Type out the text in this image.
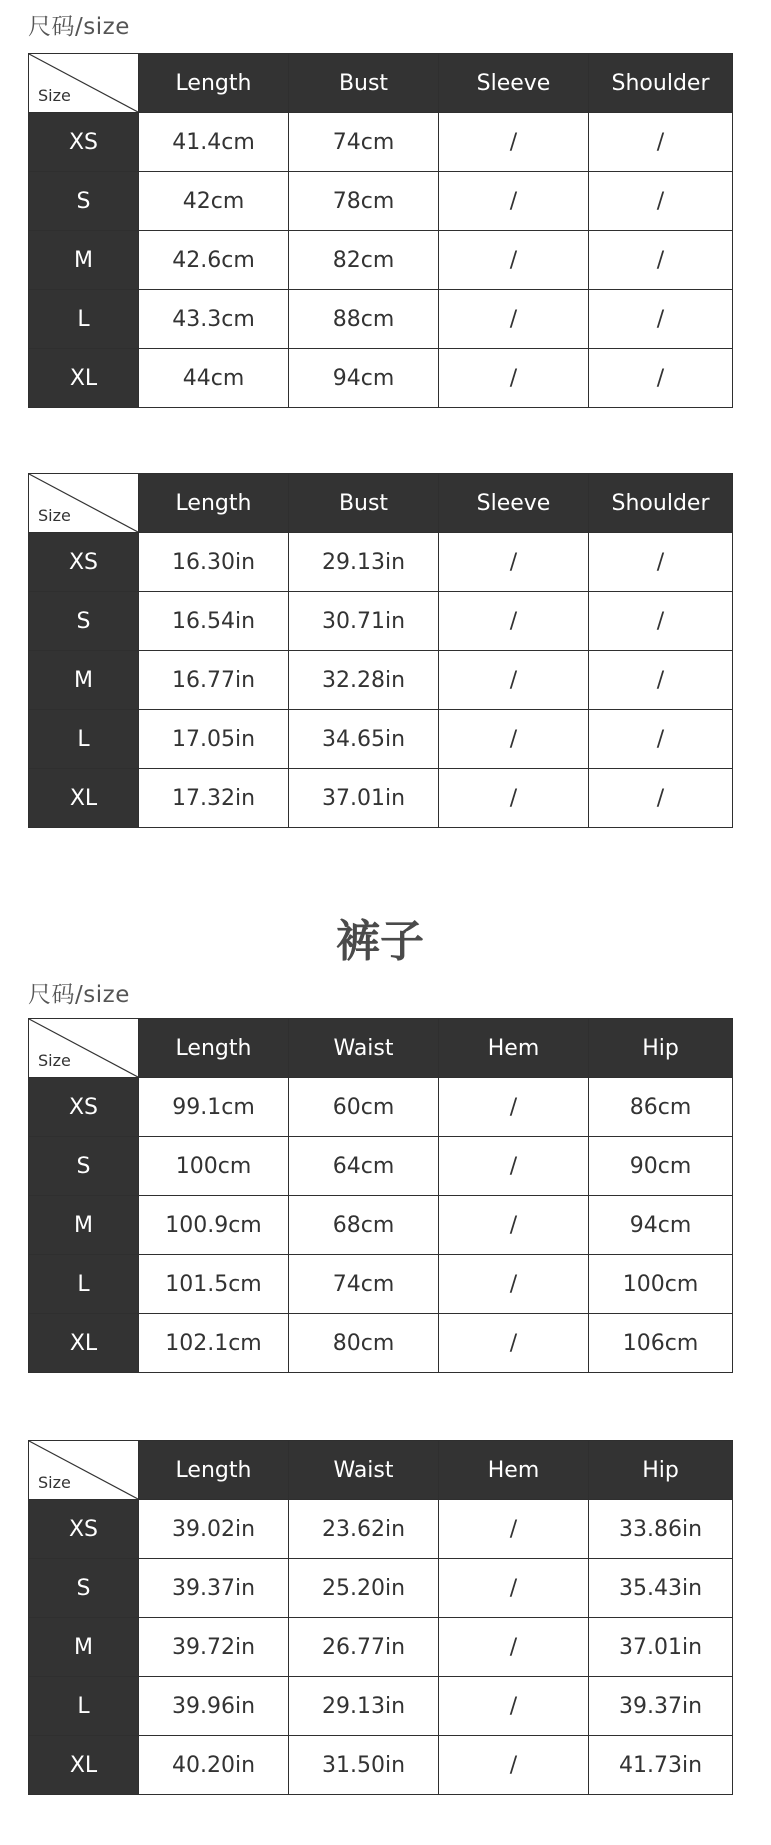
尺码/size
Size	Length	Bust	Sleeve	Shoulder
XS	41.4cm	74cm	/	/
S	42cm	78cm	/	/
M	42.6cm	82cm	/	/
L	43.3cm	88cm	/	/
XL	44cm	94cm	/	/
Size	Length	Bust	Sleeve	Shoulder
XS	16.30in	29.13in	/	/
S	16.54in	30.71in	/	/
M	16.77in	32.28in	/	/
L	17.05in	34.65in	/	/
XL	17.32in	37.01in	/	/
裤子
尺码/size
Size	Length	Waist	Hem	Hip
XS	99.1cm	60cm	/	86cm
S	100cm	64cm	/	90cm
M	100.9cm	68cm	/	94cm
L	101.5cm	74cm	/	100cm
XL	102.1cm	80cm	/	106cm
Size	Length	Waist	Hem	Hip
XS	39.02in	23.62in	/	33.86in
S	39.37in	25.20in	/	35.43in
M	39.72in	26.77in	/	37.01in
L	39.96in	29.13in	/	39.37in
XL	40.20in	31.50in	/	41.73in
